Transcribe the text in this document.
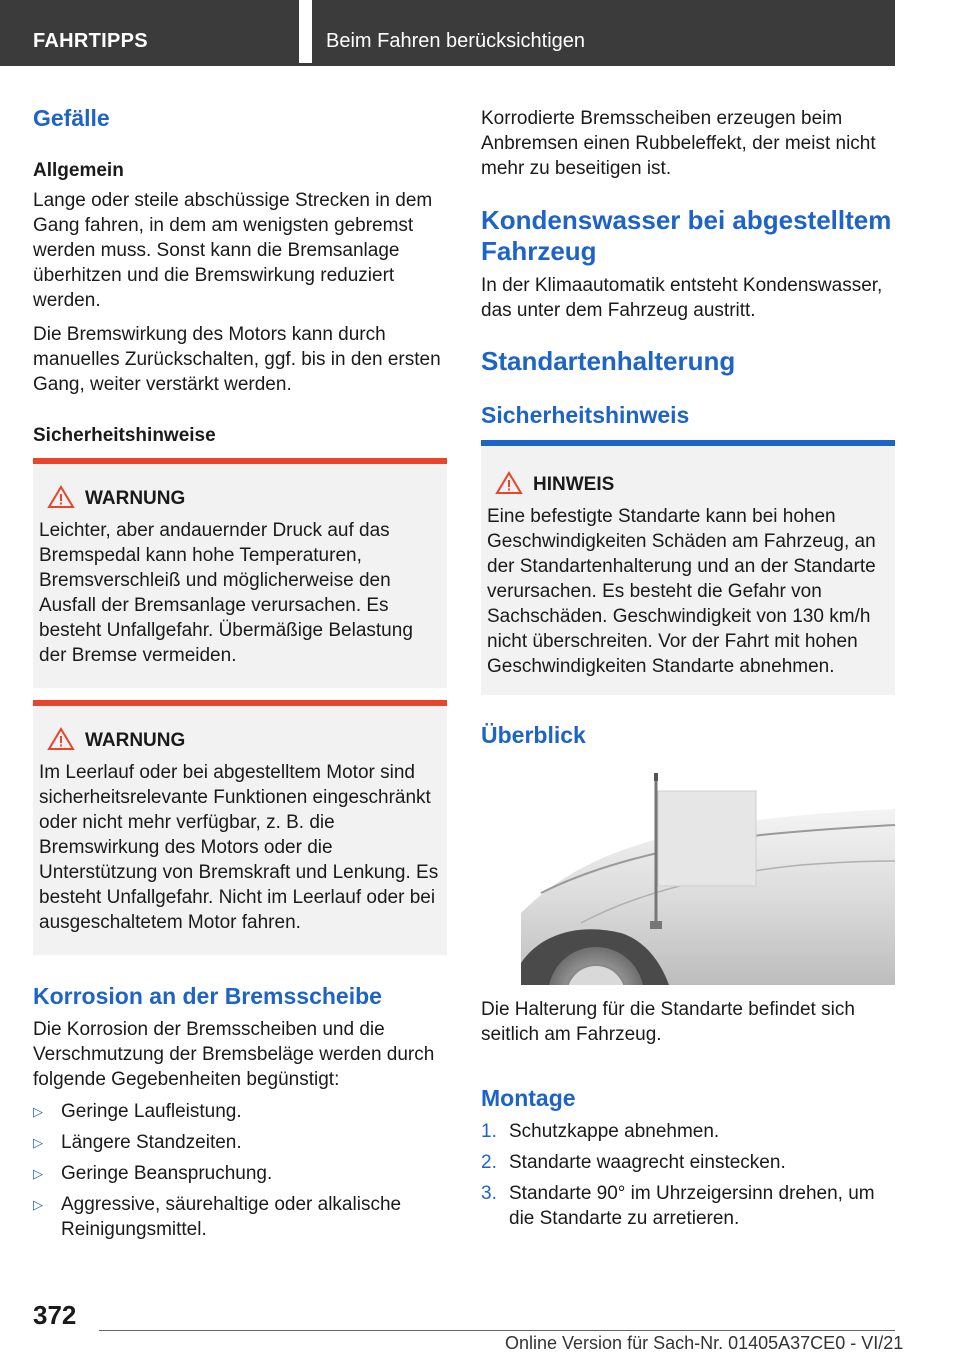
FAHRTIPPS	Beim Fahren berücksichtigen
Gefälle
Allgemein

Lange oder steile abschüssige Strecken in dem Gang fahren, in dem am wenigsten gebremst werden muss. Sonst kann die Bremsanlage überhitzen und die Bremswirkung reduziert werden.

Die Bremswirkung des Motors kann durch manuelles Zurückschalten, ggf. bis in den ersten Gang, weiter verstärkt werden.

Sicherheitshinweise
WARNUNG

Leichter, aber andauernder Druck auf das Bremspedal kann hohe Temperaturen, Bremsverschleiß und möglicherweise den Ausfall der Bremsanlage verursachen. Es besteht Unfallgefahr. Übermäßige Belastung der Bremse vermeiden.

WARNUNG

Im Leerlauf oder bei abgestelltem Motor sind sicherheitsrelevante Funktionen eingeschränkt oder nicht mehr verfügbar, z. B. die Bremswirkung des Motors oder die Unterstützung von Bremskraft und Lenkung. Es besteht Unfallgefahr. Nicht im Leerlauf oder bei ausgeschaltetem Motor fahren.

Korrosion an der Bremsscheibe

Die Korrosion der Bremsscheiben und die Verschmutzung der Bremsbeläge werden durch folgende Gegebenheiten begünstigt:

▷ Geringe Laufleistung.
▷ Längere Standzeiten.
▷ Geringe Beanspruchung.
▷ Aggressive, säurehaltige oder alkalische Reinigungsmittel.

Korrodierte Bremsscheiben erzeugen beim Anbremsen einen Rubbeleffekt, der meist nicht mehr zu beseitigen ist.

Kondenswasser bei abgestelltem Fahrzeug

In der Klimaautomatik entsteht Kondenswasser, das unter dem Fahrzeug austritt.

Standartenhalterung
Sicherheitshinweis
HINWEIS

Eine befestigte Standarte kann bei hohen Geschwindigkeiten Schäden am Fahrzeug, an der Standartenhalterung und an der Standarte verursachen. Es besteht die Gefahr von Sachschäden. Geschwindigkeit von 130 km/h nicht überschreiten. Vor der Fahrt mit hohen Geschwindigkeiten Standarte abnehmen.

Überblick

Die Halterung für die Standarte befindet sich seitlich am Fahrzeug.

Montage
1. Schutzkappe abnehmen.
2. Standarte waagrecht einstecken.
3. Standarte 90° im Uhrzeigersinn drehen, um die Standarte zu arretieren.
372
Online Version für Sach-Nr. 01405A37CE0 - VI/21
